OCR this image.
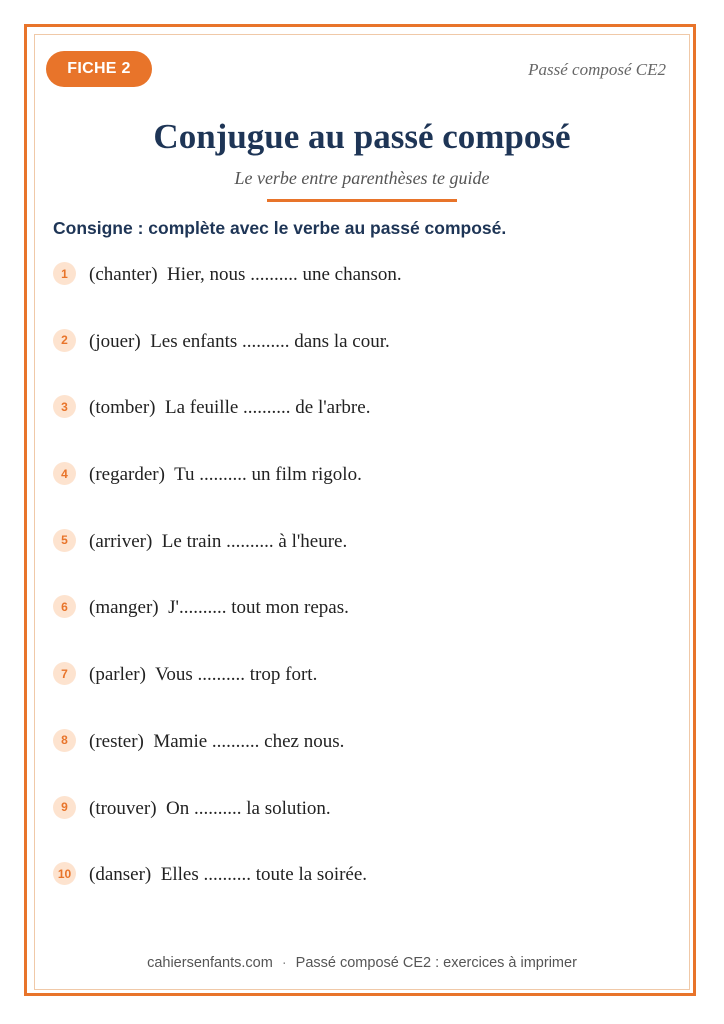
FICHE 2	Passé composé CE2
Conjugue au passé composé
Le verbe entre parenthèses te guide
Consigne : complète avec le verbe au passé composé.
1	(chanter)  Hier, nous .......... une chanson.
2	(jouer)  Les enfants .......... dans la cour.
3	(tomber)  La feuille .......... de l'arbre.
4	(regarder)  Tu .......... un film rigolo.
5	(arriver)  Le train .......... à l'heure.
6	(manger)  J'.......... tout mon repas.
7	(parler)  Vous .......... trop fort.
8	(rester)  Mamie .......... chez nous.
9	(trouver)  On .......... la solution.
10 (danser)  Elles .......... toute la soirée.
cahiersenfants.com · Passé composé CE2 : exercices à imprimer
